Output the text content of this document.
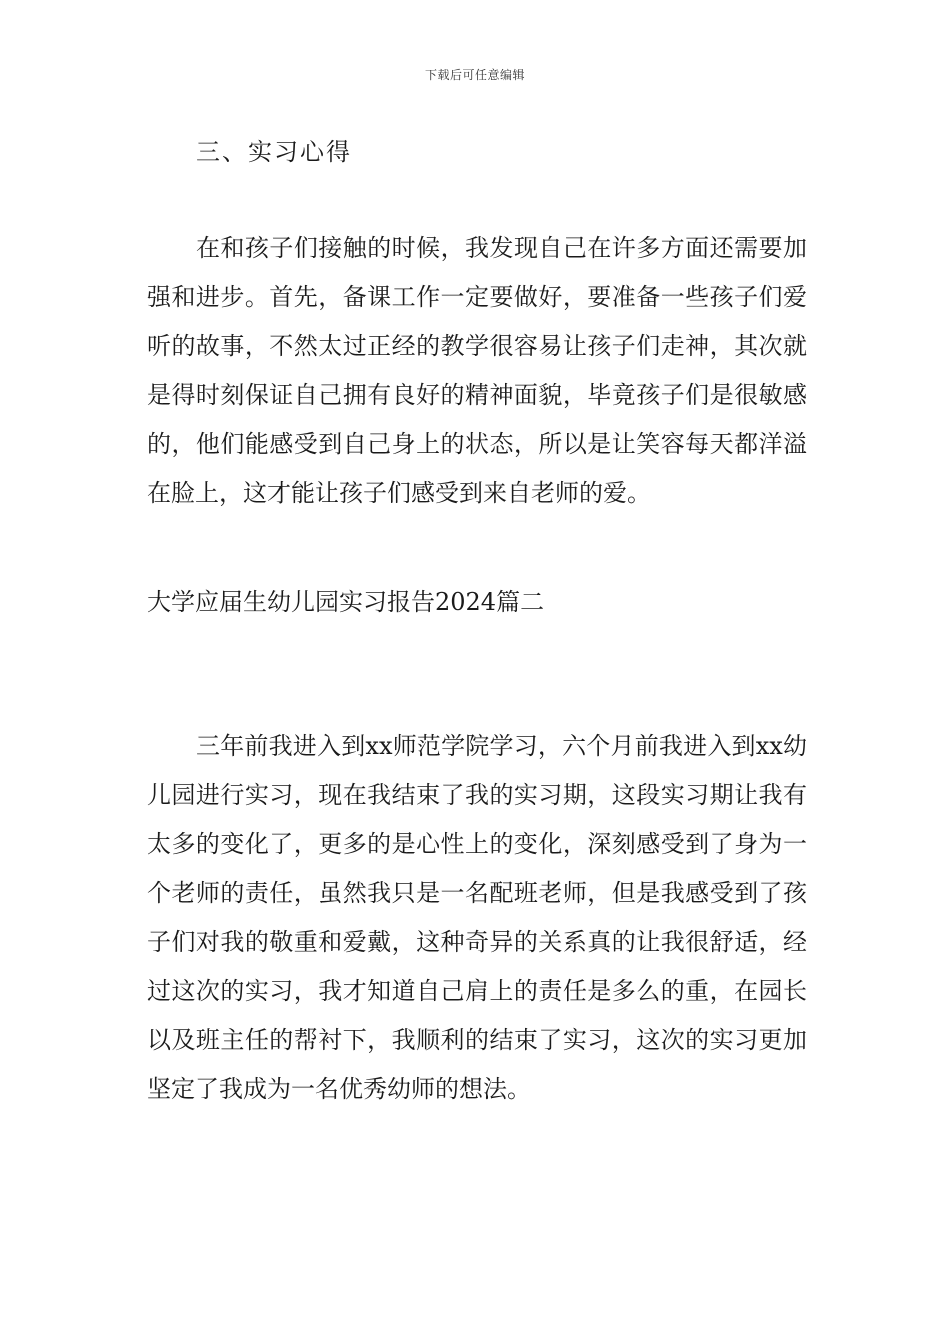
下载后可任意编辑
三、实习心得

在和孩子们接触的时候，我发现自己在许多方面还需要加强和进步。首先，备课工作一定要做好，要准备一些孩子们爱听的故事，不然太过正经的教学很容易让孩子们走神，其次就是得时刻保证自己拥有良好的精神面貌，毕竟孩子们是很敏感的，他们能感受到自己身上的状态，所以是让笑容每天都洋溢在脸上，这才能让孩子们感受到来自老师的爱。

大学应届生幼儿园实习报告2024篇二

三年前我进入到xx师范学院学习，六个月前我进入到xx幼儿园进行实习，现在我结束了我的实习期，这段实习期让我有太多的变化了，更多的是心性上的变化，深刻感受到了身为一个老师的责任，虽然我只是一名配班老师，但是我感受到了孩子们对我的敬重和爱戴，这种奇异的关系真的让我很舒适，经过这次的实习，我才知道自己肩上的责任是多么的重，在园长以及班主任的帮衬下，我顺利的结束了实习，这次的实习更加坚定了我成为一名优秀幼师的想法。
